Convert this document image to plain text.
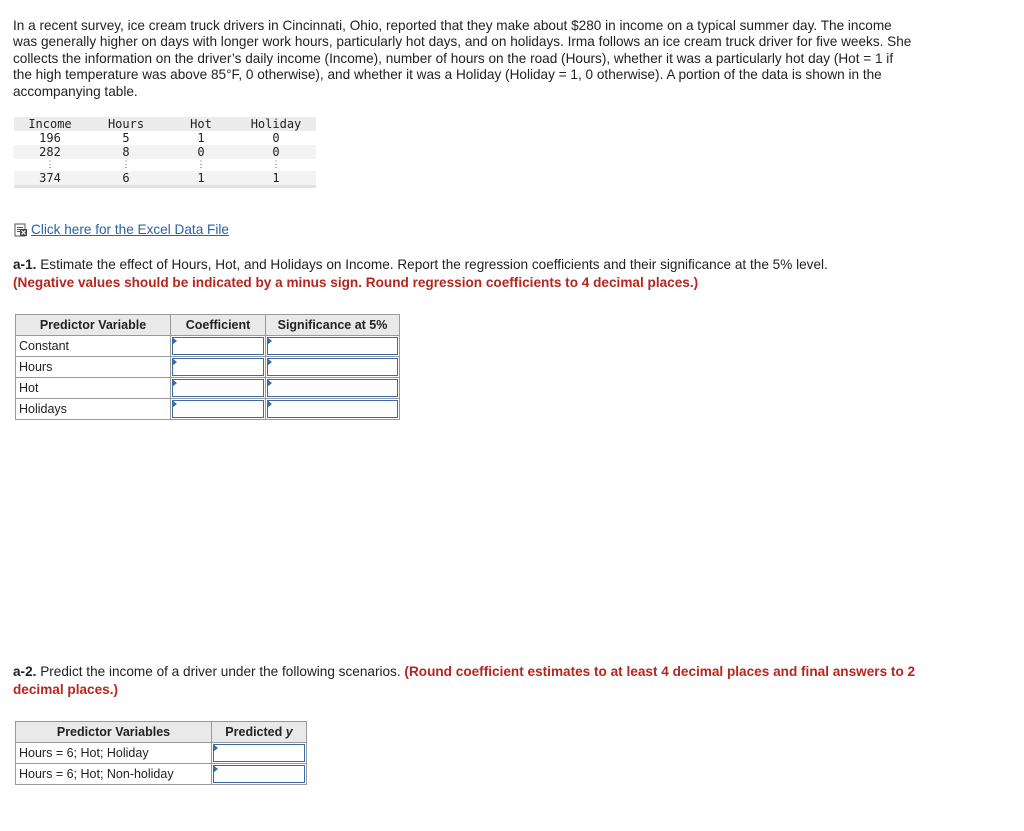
In a recent survey, ice cream truck drivers in Cincinnati, Ohio, reported that they make about $280 in income on a typical summer day. The income was generally higher on days with longer work hours, particularly hot days, and on holidays. Irma follows an ice cream truck driver for five weeks. She collects the information on the driver’s daily income (Income), number of hours on the road (Hours), whether it was a particularly hot day (Hot = 1 if the high temperature was above 85°F, 0 otherwise), and whether it was a Holiday (Holiday = 1, 0 otherwise). A portion of the data is shown in the accompanying table.
Income	Hours	Hot	Holiday
196	5	1	0
282	8	0	0
⋮	⋮	⋮	⋮
374	6	1	1
Click here for the Excel Data File
a-1. Estimate the effect of Hours, Hot, and Holidays on Income. Report the regression coefficients and their significance at the 5% level.
(Negative values should be indicated by a minus sign. Round regression coefficients to 4 decimal places.)
Predictor Variable	Coefficient	Significance at 5%
Constant	

Hours	

Hot	

Holidays	

a-2. Predict the income of a driver under the following scenarios. (Round coefficient estimates to at least 4 decimal places and final answers to 2 decimal places.)
Predictor Variables	Predicted y
Hours = 6; Hot; Holiday	

Hours = 6; Hot; Non-holiday	
